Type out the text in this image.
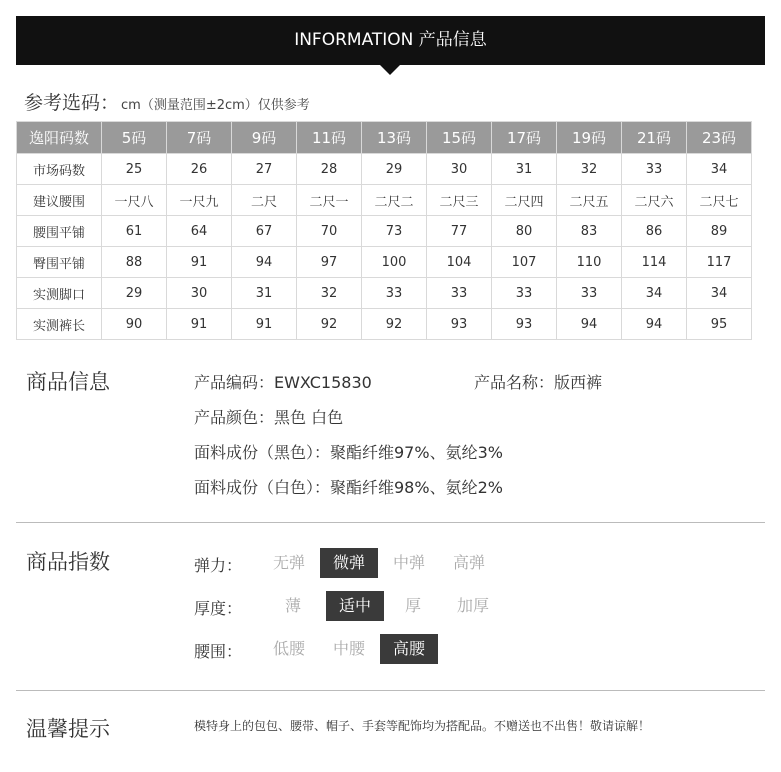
INFORMATION 产品信息
参考选码： cm（测量范围±2cm）仅供参考
逸阳码数	5码	7码	9码	11码	13码	15码	17码	19码	21码	23码
市场码数	25	26	27	28	29	30	31	32	33	34
建议腰围	一尺八	一尺九	二尺	二尺一	二尺二	二尺三	二尺四	二尺五	二尺六	二尺七
腰围平铺	61	64	67	70	73	77	80	83	86	89
臀围平铺	88	91	94	97	100	104	107	110	114	117
实测脚口	29	30	31	32	33	33	33	33	34	34
实测裤长	90	91	91	92	92	93	93	94	94	95
商品信息	产品编码：EWXC15830	产品名称：版西裤
产品颜色：黑色 白色
面料成份（黑色）：聚酯纤维97%、氨纶3%
面料成份（白色）：聚酯纤维98%、氨纶2%
商品指数	弹力：	无弹	微弹	中弹	高弹
厚度：	薄	适中	厚	加厚
腰围：	低腰	中腰	高腰
温馨提示	模特身上的包包、腰带、帽子、手套等配饰均为搭配品。不赠送也不出售！敬请谅解！
